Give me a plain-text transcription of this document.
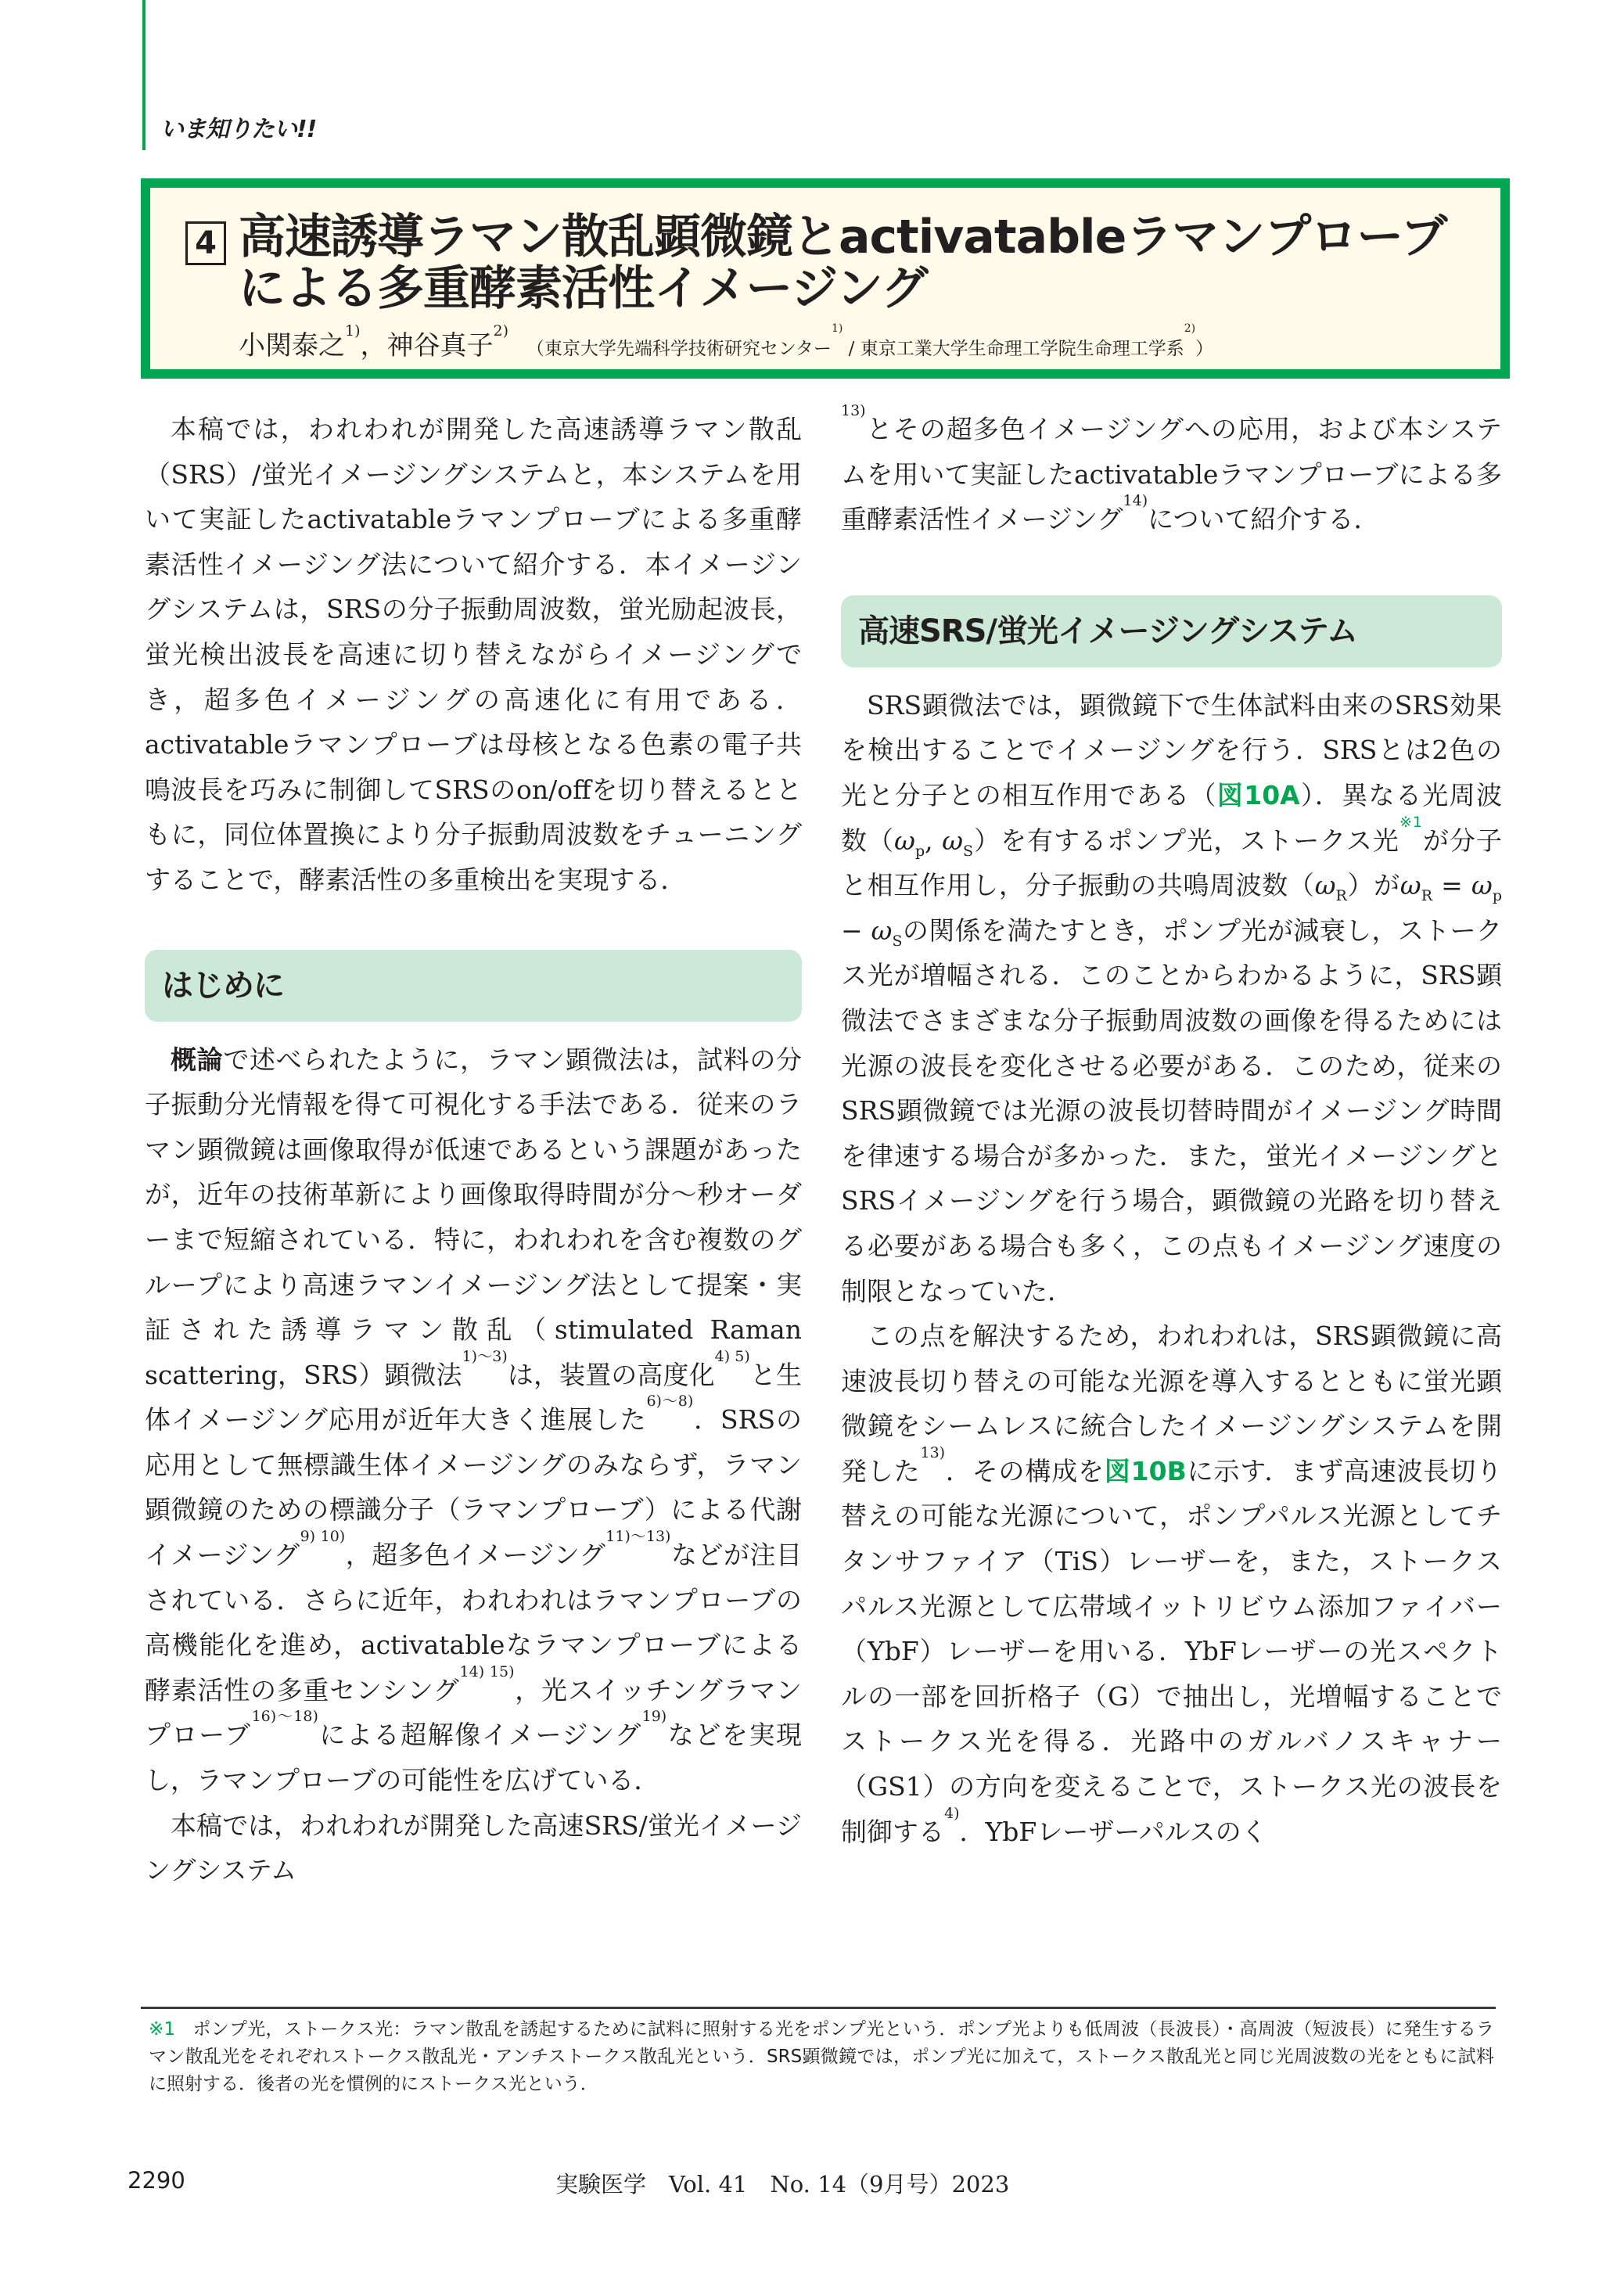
いま知りたい!!
4 高速誘導ラマン散乱顕微鏡とactivatableラマンプローブ
による多重酵素活性イメージング
小関泰之$^{1)}$，神谷真子$^{2)}$ （東京大学先端科学技術研究センター$^{1)}$ / 東京工業大学生命理工学院生命理工学系$^{2)}$）

本稿では，われわれが開発した高速誘導ラマン散乱（SRS）/蛍光イメージングシステムと，本システムを用いて実証したactivatableラマンプローブによる多重酵素活性イメージング法について紹介する．本イメージングシステムは，SRSの分子振動周波数，蛍光励起波長，蛍光検出波長を高速に切り替えながらイメージングでき，超多色イメージングの高速化に有用である．activatableラマンプローブは母核となる色素の電子共鳴波長を巧みに制御してSRSのon/offを切り替えるとともに，同位体置換により分子振動周波数をチューニングすることで，酵素活性の多重検出を実現する．

はじめに

概論で述べられたように，ラマン顕微法は，試料の分子振動分光情報を得て可視化する手法である．従来のラマン顕微鏡は画像取得が低速であるという課題があったが，近年の技術革新により画像取得時間が分〜秒オーダーまで短縮されている．特に，われわれを含む複数のグループにより高速ラマンイメージング法として提案・実証された誘導ラマン散乱（stimulated Raman scattering，SRS）顕微法$^{1)〜3)}$は，装置の高度化$^{4) 5)}$と生体イメージング応用が近年大きく進展した$^{6)〜8)}$．SRSの応用として無標識生体イメージングのみならず，ラマン顕微鏡のための標識分子（ラマンプローブ）による代謝イメージング$^{9) 10)}$，超多色イメージング$^{11)〜13)}$などが注目されている．さらに近年，われわれはラマンプローブの高機能化を進め，activatableなラマンプローブによる酵素活性の多重センシング$^{14) 15)}$，光スイッチングラマンプローブ$^{16)〜18)}$による超解像イメージング$^{19)}$などを実現し，ラマンプローブの可能性を広げている．

本稿では，われわれが開発した高速SRS/蛍光イメージングシステム

$^{13)}$とその超多色イメージングへの応用，および本システムを用いて実証したactivatableラマンプローブによる多重酵素活性イメージング$^{14)}$について紹介する．

高速SRS/蛍光イメージングシステム

SRS顕微法では，顕微鏡下で生体試料由来のSRS効果を検出することでイメージングを行う．SRSとは2色の光と分子との相互作用である（図10A）．異なる光周波数（$\omega_p$, $\omega_S$）を有するポンプ光，ストークス光$^{※1}$が分子と相互作用し，分子振動の共鳴周波数$(\omega_R)$が$\omega_R = \omega_p - \omega_S$の関係を満たすとき，ポンプ光が減衰し，ストークス光が増幅される．このことからわかるように，SRS顕微法でさまざまな分子振動周波数の画像を得るためには光源の波長を変化させる必要がある．このため，従来のSRS顕微鏡では光源の波長切替時間がイメージング時間を律速する場合が多かった．また，蛍光イメージングとSRSイメージングを行う場合，顕微鏡の光路を切り替える必要がある場合も多く，この点もイメージング速度の制限となっていた．

この点を解決するため，われわれは，SRS顕微鏡に高速波長切り替えの可能な光源を導入するとともに蛍光顕微鏡をシームレスに統合したイメージングシステムを開発した$^{13)}$．その構成を図10Bに示す．まず高速波長切り替えの可能な光源について，ポンプパルス光源としてチタンサファイア（TiS）レーザーを，また，ストークスパルス光源として広帯域イットリビウム添加ファイバー（YbF）レーザーを用いる．YbFレーザーの光スペクトルの一部を回折格子（G）で抽出し，光増幅することでストークス光を得る．光路中のガルバノスキャナー（GS1）の方向を変えることで，ストークス光の波長を制御する$^{4)}$．YbFレーザーパルスのく

※1 ポンプ光，ストークス光：ラマン散乱を誘起するために試料に照射する光をポンプ光という．ポンプ光よりも低周波（長波長）・高周波（短波長）に発生するラマン散乱光をそれぞれストークス散乱光・アンチストークス散乱光という．SRS顕微鏡では，ポンプ光に加えて，ストークス散乱光と同じ光周波数の光をともに試料に照射する．後者の光を慣例的にストークス光という．
2290	実験医学　Vol. 41　No. 14（9月号）2023
